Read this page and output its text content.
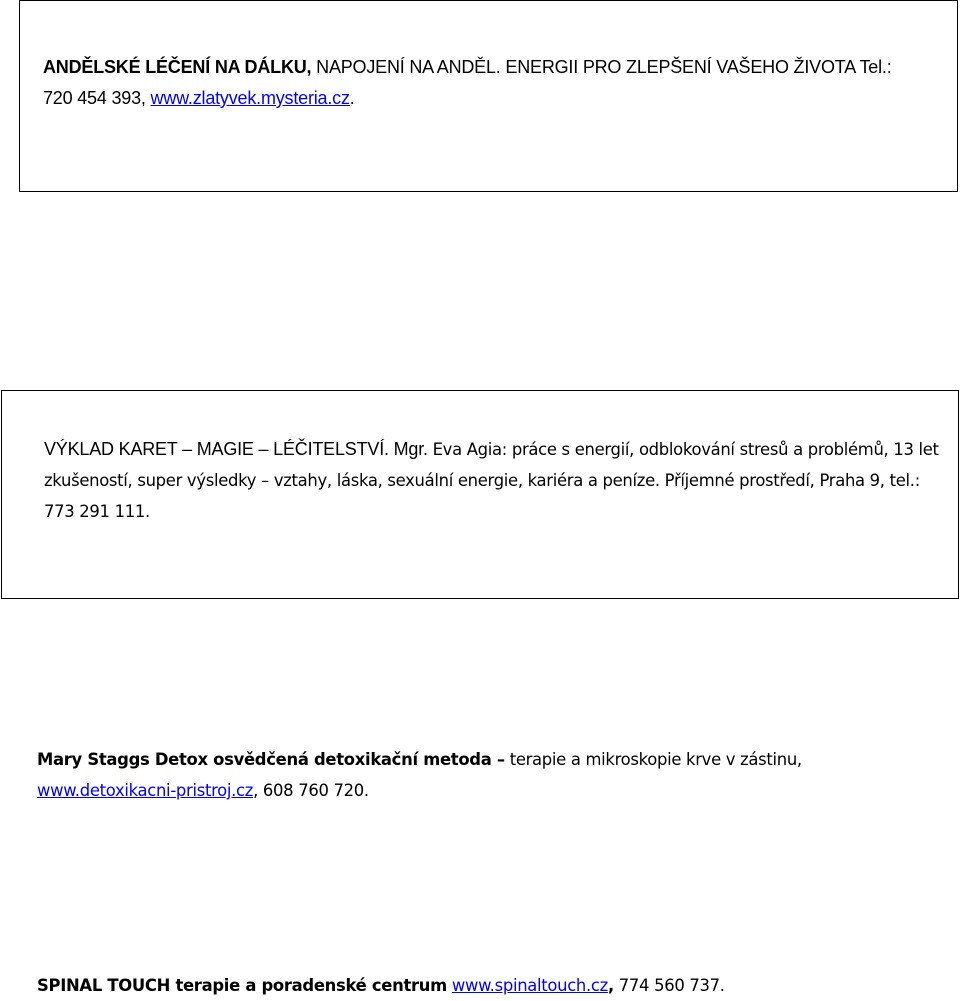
ANDĚLSKÉ LÉČENÍ NA DÁLKU, NAPOJENÍ NA ANDĚL. ENERGII PRO ZLEPŠENÍ VAŠEHO ŽIVOTA Tel.: 720 454 393, www.zlatyvek.mysteria.cz.

VÝKLAD KARET – MAGIE – LÉČITELSTVÍ. Mgr. Eva Agia: práce s energií, odblokování stresů a problémů, 13 let zkušeností, super výsledky – vztahy, láska, sexuální energie, kariéra a peníze. Příjemné prostředí, Praha 9, tel.: 773 291 111.

Mary Staggs Detox osvědčená detoxikační metoda – terapie a mikroskopie krve v zástinu, www.detoxikacni-pristroj.cz, 608 760 720.

SPINAL TOUCH terapie a poradenské centrum www.spinaltouch.cz, 774 560 737.
